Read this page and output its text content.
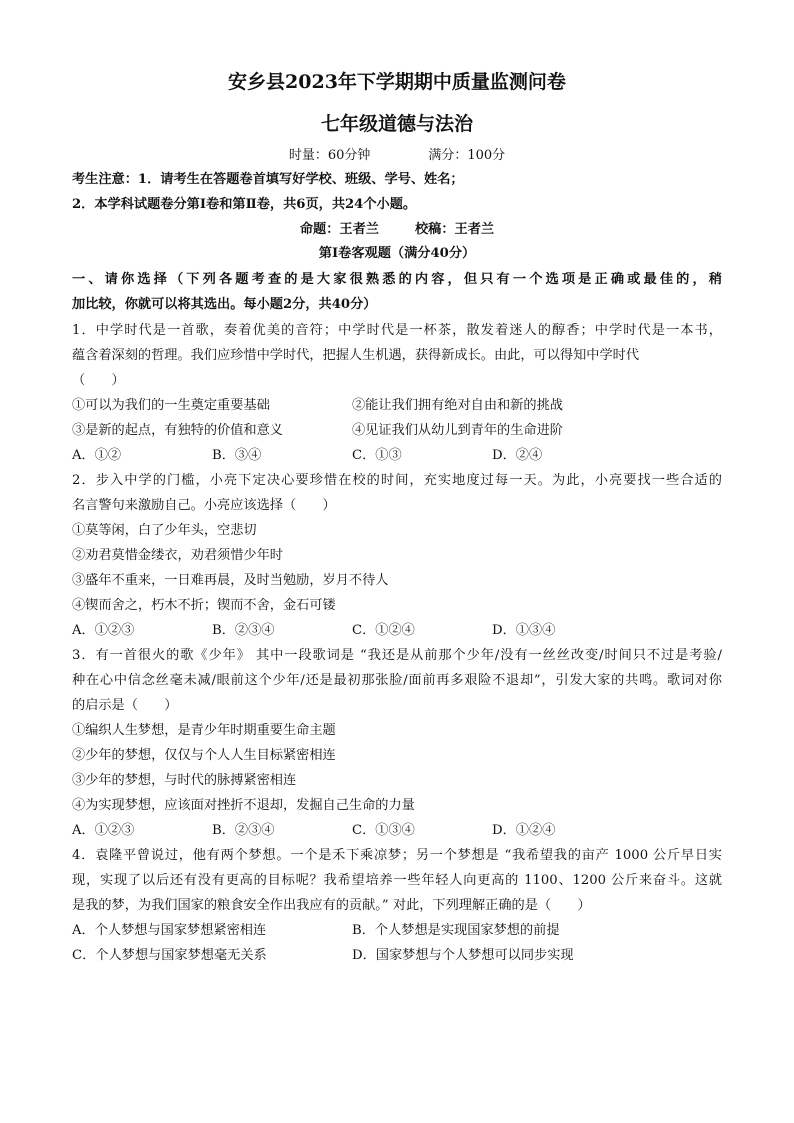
安乡县2023年下学期期中质量监测问卷
七年级道德与法治
时量：60分钟	满分：100分
考生注意：1．请考生在答题卷首填写好学校、班级、学号、姓名；
2．本学科试题卷分第Ⅰ卷和第Ⅱ卷，共6页，共24个小题。
命题：王者兰	校稿：王者兰
第Ⅰ卷客观题（满分40分）
一、请你选择（下列各题考查的是大家很熟悉的内容，但只有一个选项是正确或最佳的，稍
加比较，你就可以将其选出。每小题2分，共40分）
1．中学时代是一首歌，奏着优美的音符；中学时代是一杯茶，散发着迷人的醇香；中学时代是一本书，
蕴含着深刻的哲理。我们应珍惜中学时代，把握人生机遇，获得新成长。由此，可以得知中学时代
（　　）
①可以为我们的一生奠定重要基础	②能让我们拥有绝对自由和新的挑战
③是新的起点，有独特的价值和意义	④见证我们从幼儿到青年的生命进阶
A．①②	B．③④	C．①③	D．②④
2．步入中学的门槛，小亮下定决心要珍惜在校的时间，充实地度过每一天。为此，小亮要找一些合适的
名言警句来激励自己。小亮应该选择（　　）
①莫等闲，白了少年头，空悲切
②劝君莫惜金缕衣，劝君须惜少年时
③盛年不重来，一日难再晨，及时当勉励，岁月不待人
④锲而舍之，朽木不折；锲而不舍，金石可镂
A．①②③	B．②③④	C．①②④	D．①③④
3．有一首很火的歌《少年》 其中一段歌词是 “我还是从前那个少年/没有一丝丝改变/时间只不过是考验/
种在心中信念丝毫未减/眼前这个少年/还是最初那张脸/面前再多艰险不退却”，引发大家的共鸣。歌词对你
的启示是（　　）
①编织人生梦想，是青少年时期重要生命主题
②少年的梦想，仅仅与个人人生目标紧密相连
③少年的梦想，与时代的脉搏紧密相连
④为实现梦想，应该面对挫折不退却，发掘自己生命的力量
A．①②③	B．②③④	C．①③④	D．①②④
4．袁隆平曾说过，他有两个梦想。一个是禾下乘凉梦；另一个梦想是 “我希望我的亩产 1000 公斤早日实
现，实现了以后还有没有更高的目标呢？我希望培养一些年轻人向更高的 1100、1200 公斤来奋斗。这就
是我的梦，为我们国家的粮食安全作出我应有的贡献。” 对此，下列理解正确的是（　　）
A．个人梦想与国家梦想紧密相连	B．个人梦想是实现国家梦想的前提
C．个人梦想与国家梦想毫无关系	D．国家梦想与个人梦想可以同步实现
